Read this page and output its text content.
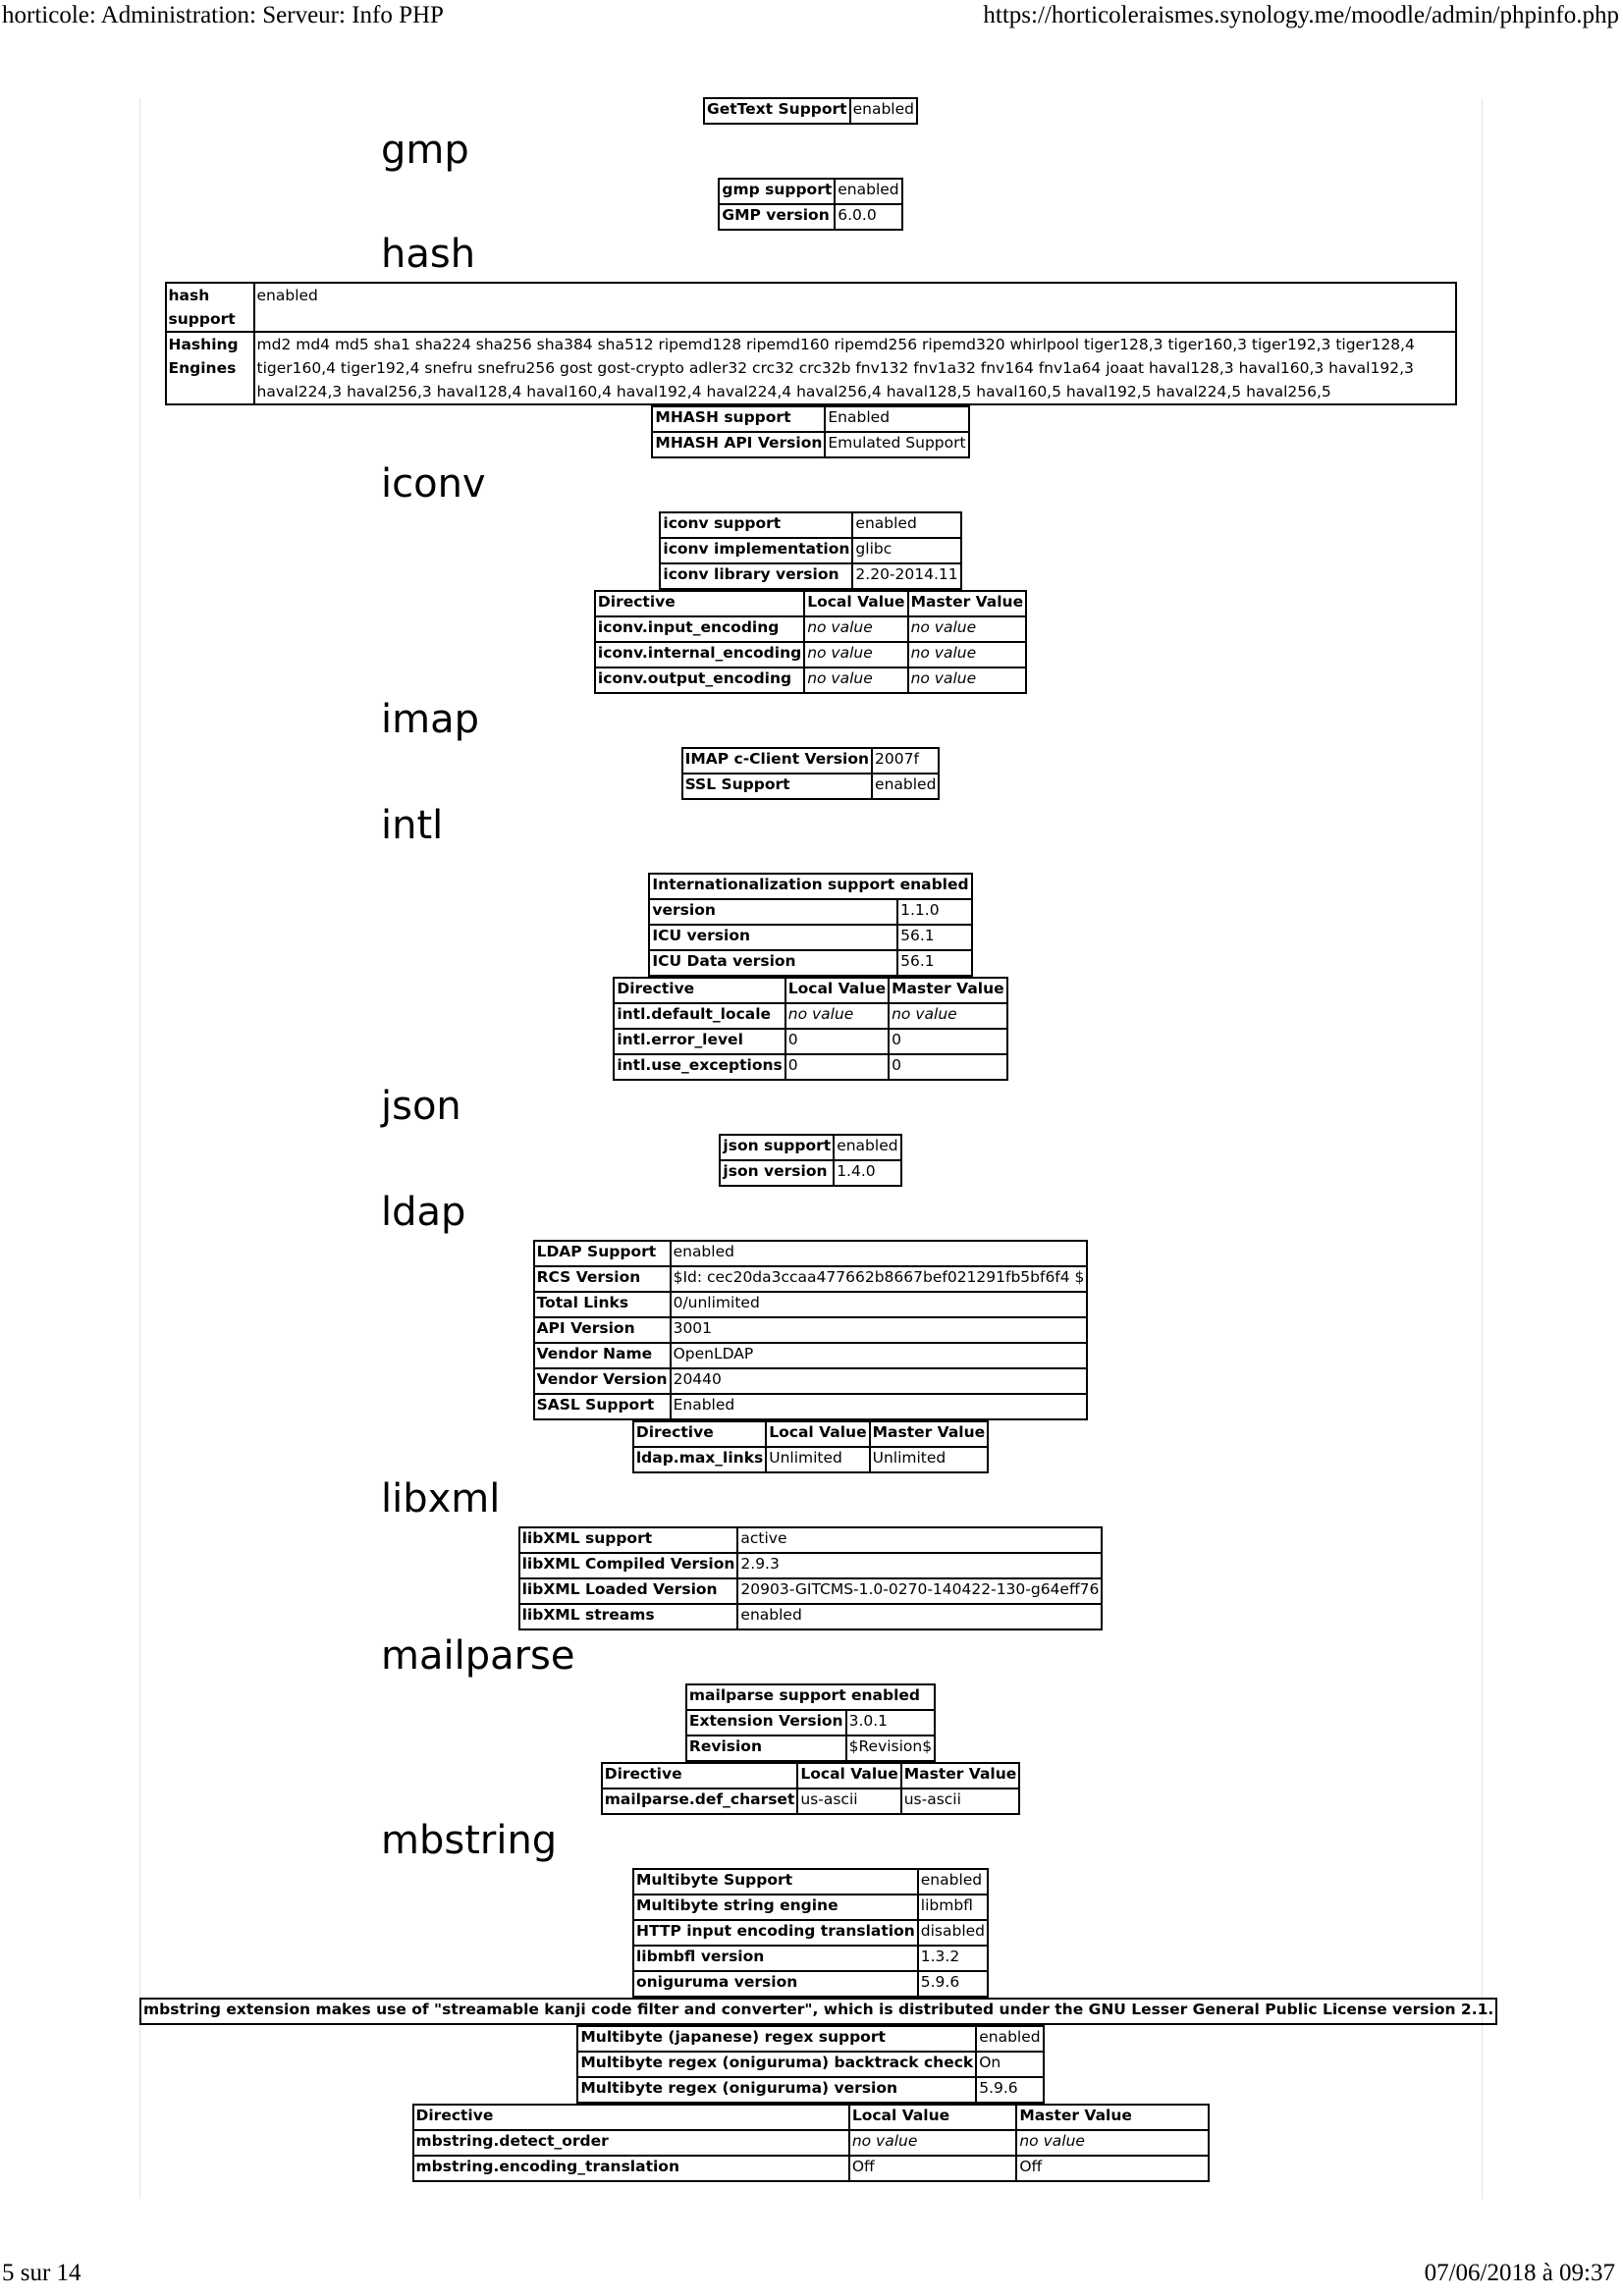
horticole: Administration: Serveur: Info PHP	https://horticoleraismes.synology.me/moodle/admin/phpinfo.php
GetText Support	enabled
gmp
gmp support	enabled
GMP version	6.0.0
hash
hash support	enabled
Hashing Engines	md2 md4 md5 sha1 sha224 sha256 sha384 sha512 ripemd128 ripemd160 ripemd256 ripemd320 whirlpool tiger128,3 tiger160,3 tiger192,3 tiger128,4 tiger160,4 tiger192,4 snefru snefru256 gost gost-crypto adler32 crc32 crc32b fnv132 fnv1a32 fnv164 fnv1a64 joaat haval128,3 haval160,3 haval192,3 haval224,3 haval256,3 haval128,4 haval160,4 haval192,4 haval224,4 haval256,4 haval128,5 haval160,5 haval192,5 haval224,5 haval256,5
MHASH support	Enabled
MHASH API Version	Emulated Support
iconv
iconv support	enabled
iconv implementation	glibc
iconv library version	2.20-2014.11
Directive	Local Value	Master Value
iconv.input_encoding	no value	no value
iconv.internal_encoding	no value	no value
iconv.output_encoding	no value	no value
imap
IMAP c-Client Version	2007f
SSL Support	enabled
intl
Internationalization support enabled	
version	1.1.0
ICU version	56.1
ICU Data version	56.1
Directive	Local Value	Master Value
intl.default_locale	no value	no value
intl.error_level	0	0
intl.use_exceptions	0	0
json
json support	enabled
json version	1.4.0
ldap
LDAP Support	enabled
RCS Version	$Id: cec20da3ccaa477662b8667bef021291fb5bf6f4 $
Total Links	0/unlimited
API Version	3001
Vendor Name	OpenLDAP
Vendor Version	20440
SASL Support	Enabled
Directive	Local Value	Master Value
ldap.max_links	Unlimited	Unlimited
libxml
libXML support	active
libXML Compiled Version	2.9.3
libXML Loaded Version	20903-GITCMS-1.0-0270-140422-130-g64eff76
libXML streams	enabled
mailparse
mailparse support enabled	
Extension Version	3.0.1
Revision	$Revision$
Directive	Local Value	Master Value
mailparse.def_charset	us-ascii	us-ascii
mbstring
Multibyte Support	enabled
Multibyte string engine	libmbfl
HTTP input encoding translation	disabled
libmbfl version	1.3.2
oniguruma version	5.9.6
mbstring extension makes use of "streamable kanji code filter and converter", which is distributed under the GNU Lesser General Public License version 2.1.
Multibyte (japanese) regex support	enabled
Multibyte regex (oniguruma) backtrack check	On
Multibyte regex (oniguruma) version	5.9.6
Directive	Local Value	Master Value
mbstring.detect_order	no value	no value
mbstring.encoding_translation	Off	Off
5 sur 14	07/06/2018 à 09:37
